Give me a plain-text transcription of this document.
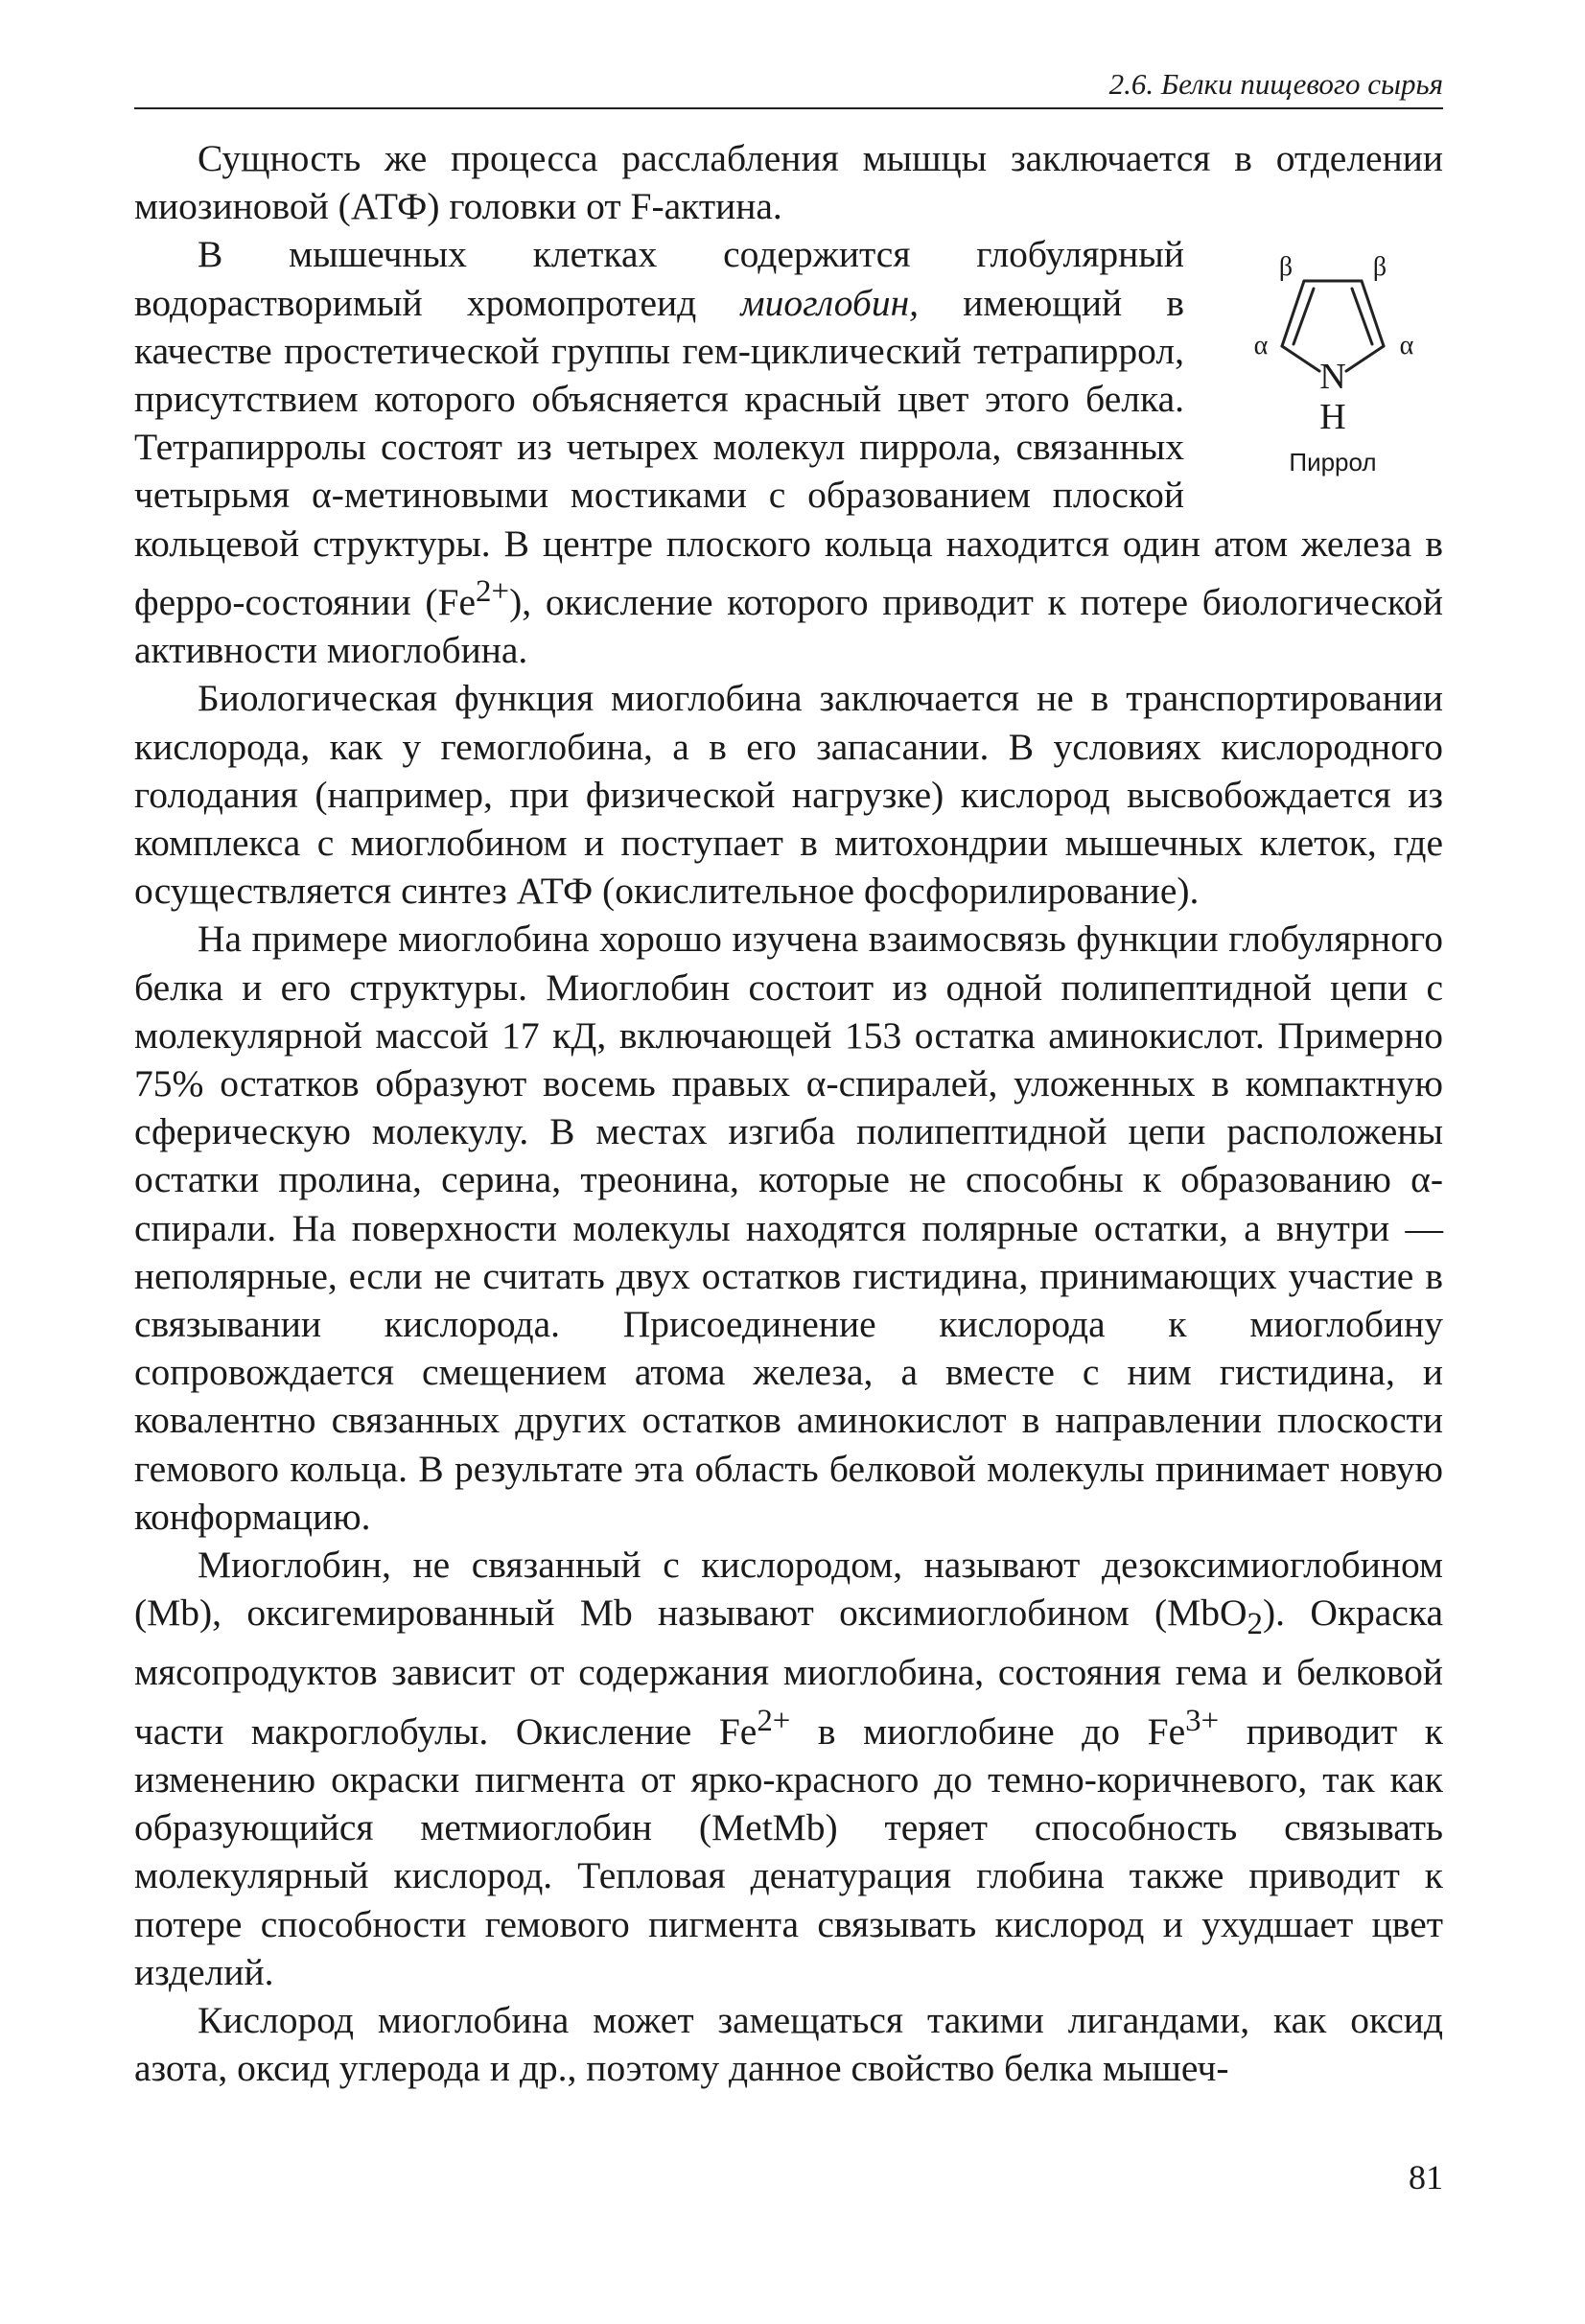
2.6. Белки пищевого сырья

Сущность же процесса расслабления мышцы заключается в отделении миозиновой (АТФ) головки от F-актина.

β	β
α	α
N
H
Пиррол

В мышечных клетках содержится глобулярный водорастворимый хромопротеид миоглобин, имеющий в качестве простетической группы гем-циклический тетрапиррол, присутствием которого объясняется красный цвет этого белка. Тетрапирролы состоят из четырех молекул пиррола, связанных четырьмя α-метиновыми мостиками с образованием плоской кольцевой структуры. В центре плоского кольца находится один атом железа в ферро-состоянии $(Fe^{2+})$, окисление которого приводит к потере биологической активности миоглобина.

Биологическая функция миоглобина заключается не в транспортировании кислорода, как у гемоглобина, а в его запасании. В условиях кислородного голодания (например, при физической нагрузке) кислород высвобождается из комплекса с миоглобином и поступает в митохондрии мышечных клеток, где осуществляется синтез АТФ (окислительное фосфорилирование).

На примере миоглобина хорошо изучена взаимосвязь функции глобулярного белка и его структуры. Миоглобин состоит из одной полипептидной цепи с молекулярной массой 17 кД, включающей 153 остатка аминокислот. Примерно 75% остатков образуют восемь правых α-спиралей, уложенных в компактную сферическую молекулу. В местах изгиба полипептидной цепи расположены остатки пролина, серина, треонина, которые не способны к образованию α-спирали. На поверхности молекулы находятся полярные остатки, а внутри — неполярные, если не считать двух остатков гистидина, принимающих участие в связывании кислорода. Присоединение кислорода к миоглобину сопровождается смещением атома железа, а вместе с ним гистидина, и ковалентно связанных других остатков аминокислот в направлении плоскости гемового кольца. В результате эта область белковой молекулы принимает новую конформацию.

Миоглобин, не связанный с кислородом, называют дезоксимиоглобином (Mb), оксигемированный Mb называют оксимиоглобином (MbO$_2$). Окраска мясопродуктов зависит от содержания миоглобина, состояния гема и белковой части макроглобулы. Окисление $Fe^{2+}$ в миоглобине до $Fe^{3+}$ приводит к изменению окраски пигмента от ярко-красного до темно-коричневого, так как образующийся метмиоглобин (MetMb) теряет способность связывать молекулярный кислород. Тепловая денатурация глобина также приводит к потере способности гемового пигмента связывать кислород и ухудшает цвет изделий.

Кислород миоглобина может замещаться такими лигандами, как оксид азота, оксид углерода и др., поэтому данное свойство белка мышеч-

81
